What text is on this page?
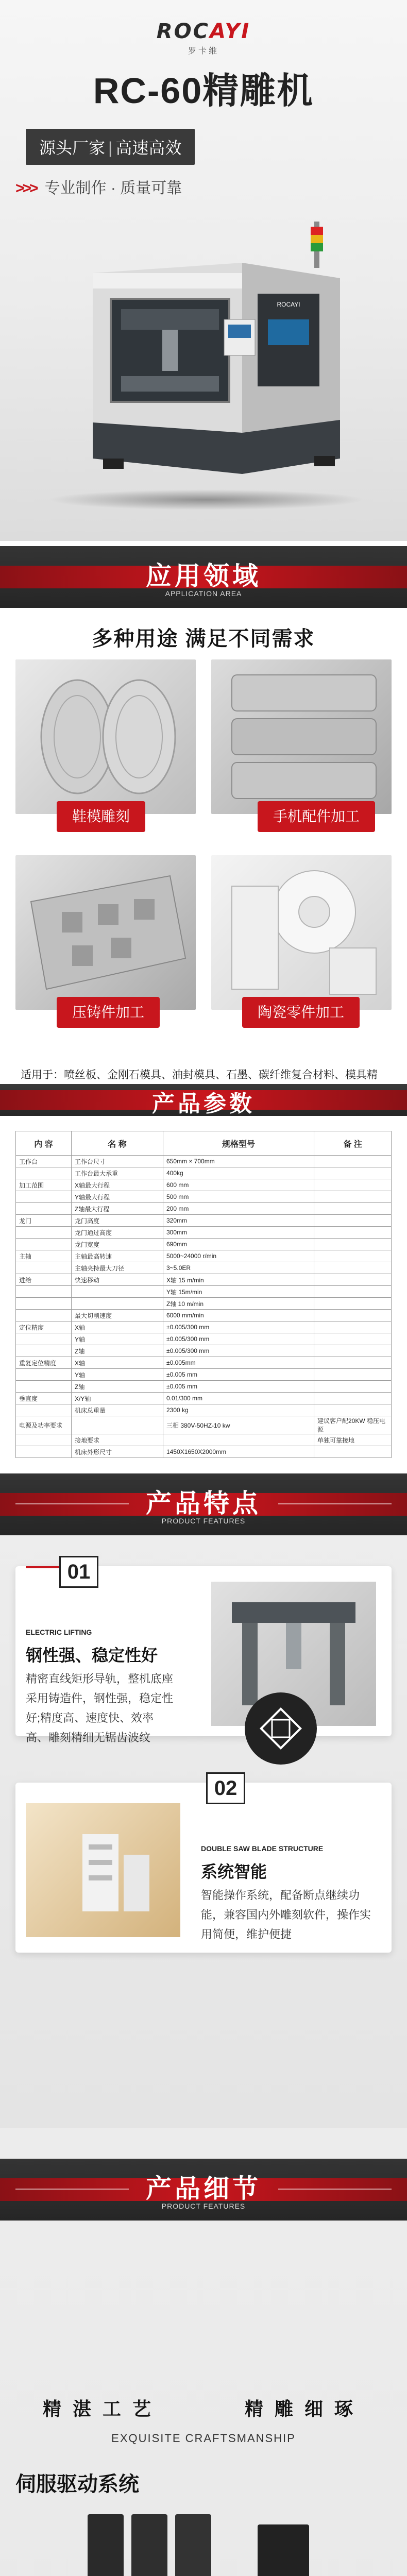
ROCAYI
罗卡维
RC-60精雕机
源头厂家 | 高速高效
>>> 专业制作 · 质量可靠
ROCAYI
应用领域
APPLICATION AREA
多种用途 满足不同需求
鞋模雕刻	手机配件加工
压铸件加工	陶瓷零件加工
适用于：喷丝板、金刚石模具、油封模具、石墨、碳纤维复合材料、模具精
产品参数
内 容	名 称	规格型号	备 注
工作台	工作台尺寸	650mm × 700mm	
	工作台最大承重	400kg	
加工范围	X轴最大行程	600 mm	
	Y轴最大行程	500 mm	
	Z轴最大行程	200 mm	
龙门	龙门高度	320mm	
	龙门通过高度	300mm	
	龙门宽度	690mm	
主轴	主轴最高转速	5000~24000 r/min	
	主轴夹持最大刀径	3~5.0ER	
进给	快速移动	X轴 15 m/min	
		Y轴 15m/min	
		Z轴 10 m/min	
	最大切削速度	6000 mm/min	
定位精度	X轴	±0.005/300 mm	
	Y轴	±0.005/300 mm	
	Z轴	±0.005/300 mm	
重复定位精度	X轴	±0.005mm	
	Y轴	±0.005 mm	
	Z轴	±0.005 mm	
垂直度	X/Y轴	0.01/300 mm	
	机床总重量	2300 kg	
电源及功率要求		三相 380V-50HZ-10 kw	建议客户配20KW 稳压电源
	接地要求		单独可靠接地
	机床外形尺寸	1450X1650X2000mm	
产品特点
PRODUCT FEATURES
ELECTRIC LIFTING
钢性强、稳定性好
精密直线矩形导轨，整机底座采用铸造件，钢性强，稳定性好;精度高、速度快、效率高、雕刻精细无锯齿波纹
01
DOUBLE SAW BLADE STRUCTURE
系统智能
智能操作系统，配备断点继续功能，兼容国内外雕刻软件，操作实用简便，维护便捷
02
产品细节
PRODUCT FEATURES
精湛工艺	精雕细琢
EXQUISITE CRAFTSMANSHIP
伺服驱动系统
